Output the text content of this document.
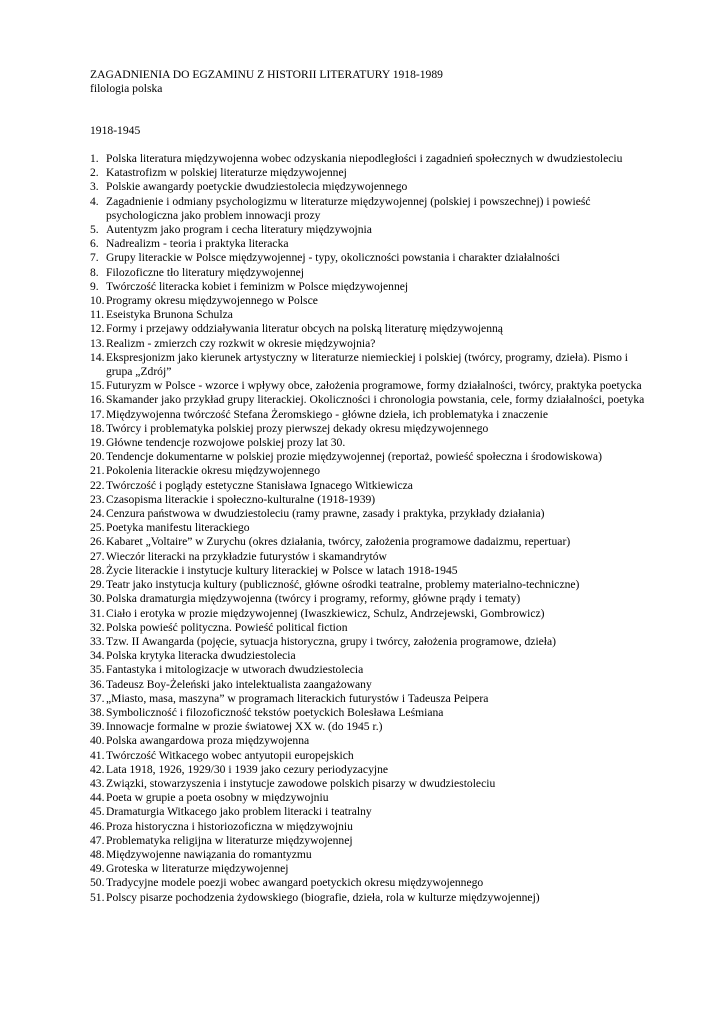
ZAGADNIENIA DO EGZAMINU Z HISTORII LITERATURY 1918-1989
filologia polska
1918-1945
1. Polska literatura międzywojenna wobec odzyskania niepodległości i zagadnień społecznych w dwudziestoleciu
2. Katastrofizm w polskiej literaturze międzywojennej
3. Polskie awangardy poetyckie dwudziestolecia międzywojennego
4. Zagadnienie i odmiany psychologizmu w literaturze międzywojennej (polskiej i powszechnej) i powieść psychologiczna jako problem innowacji prozy
5. Autentyzm jako program i cecha literatury międzywojnia
6. Nadrealizm - teoria i praktyka literacka
7. Grupy literackie w Polsce międzywojennej - typy, okoliczności powstania i charakter działalności
8. Filozoficzne tło literatury międzywojennej
9. Twórczość literacka kobiet i feminizm w Polsce międzywojennej
10. Programy okresu międzywojennego w Polsce
11. Eseistyka Brunona Schulza
12. Formy i przejawy oddziaływania literatur obcych na polską literaturę międzywojenną
13. Realizm - zmierzch czy rozkwit w okresie międzywojnia?
14. Ekspresjonizm jako kierunek artystyczny w literaturze niemieckiej i polskiej (twórcy, programy, dzieła). Pismo i grupa „Zdrój”
15. Futuryzm w Polsce - wzorce i wpływy obce, założenia programowe, formy działalności, twórcy, praktyka poetycka
16. Skamander jako przykład grupy literackiej. Okoliczności i chronologia powstania, cele, formy działalności, poetyka
17. Międzywojenna twórczość Stefana Żeromskiego - główne dzieła, ich problematyka i znaczenie
18. Twórcy i problematyka polskiej prozy pierwszej dekady okresu międzywojennego
19. Główne tendencje rozwojowe polskiej prozy lat 30.
20. Tendencje dokumentarne w polskiej prozie międzywojennej (reportaż, powieść społeczna i środowiskowa)
21. Pokolenia literackie okresu międzywojennego
22. Twórczość i poglądy estetyczne Stanisława Ignacego Witkiewicza
23. Czasopisma literackie i społeczno-kulturalne (1918-1939)
24. Cenzura państwowa w dwudziestoleciu (ramy prawne, zasady i praktyka, przykłady działania)
25. Poetyka manifestu literackiego
26. Kabaret „Voltaire” w Zurychu (okres działania, twórcy, założenia programowe dadaizmu, repertuar)
27. Wieczór literacki na przykładzie futurystów i skamandrytów
28. Życie literackie i instytucje kultury literackiej w Polsce w latach 1918-1945
29. Teatr jako instytucja kultury (publiczność, główne ośrodki teatralne, problemy materialno-techniczne)
30. Polska dramaturgia międzywojenna (twórcy i programy, reformy, główne prądy i tematy)
31. Ciało i erotyka w prozie międzywojennej (Iwaszkiewicz, Schulz, Andrzejewski, Gombrowicz)
32. Polska powieść polityczna. Powieść political fiction
33. Tzw. II Awangarda (pojęcie, sytuacja historyczna, grupy i twórcy, założenia programowe, dzieła)
34. Polska krytyka literacka dwudziestolecia
35. Fantastyka i mitologizacje w utworach dwudziestolecia
36. Tadeusz Boy-Żeleński jako intelektualista zaangażowany
37. „Miasto, masa, maszyna” w programach literackich futurystów i Tadeusza Peipera
38. Symboliczność i filozoficzność tekstów poetyckich Bolesława Leśmiana
39. Innowacje formalne w prozie światowej XX w. (do 1945 r.)
40. Polska awangardowa proza międzywojenna
41. Twórczość Witkacego wobec antyutopii europejskich
42. Lata 1918, 1926, 1929/30 i 1939 jako cezury periodyzacyjne
43. Związki, stowarzyszenia i instytucje zawodowe polskich pisarzy w dwudziestoleciu
44. Poeta w grupie a poeta osobny w międzywojniu
45. Dramaturgia Witkacego jako problem literacki i teatralny
46. Proza historyczna i historiozoficzna w międzywojniu
47. Problematyka religijna w literaturze międzywojennej
48. Międzywojenne nawiązania do romantyzmu
49. Groteska w literaturze międzywojennej
50. Tradycyjne modele poezji wobec awangard poetyckich okresu międzywojennego
51. Polscy pisarze pochodzenia żydowskiego (biografie, dzieła, rola w kulturze międzywojennej)
